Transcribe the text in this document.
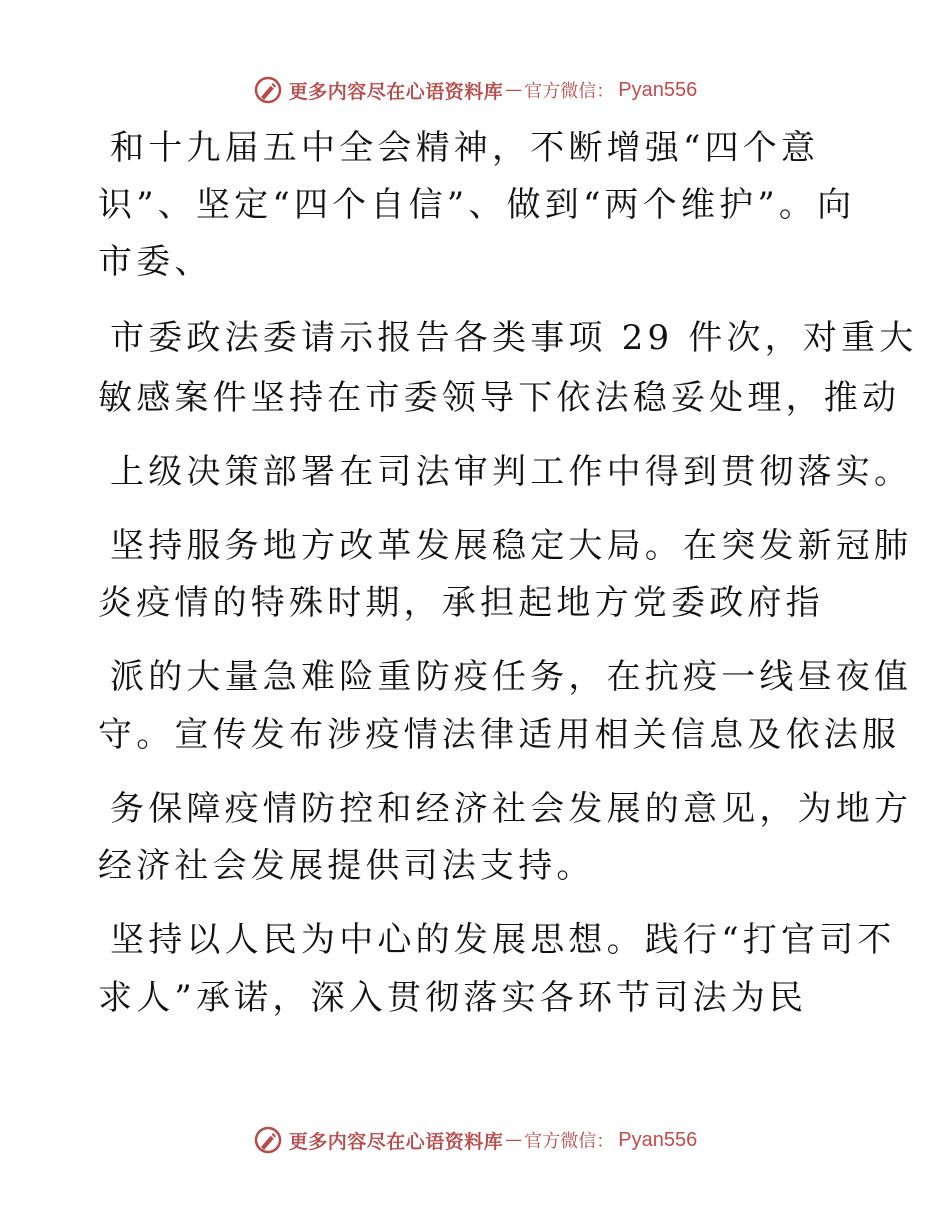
更多内容尽在心语资料库 — 官方微信： Pyan556
和十九届五中全会精神，不断增强“四个意
识”、坚定“四个自信”、做到“两个维护”。向
市委、
市委政法委请示报告各类事项 29 件次，对重大
敏感案件坚持在市委领导下依法稳妥处理，推动
上级决策部署在司法审判工作中得到贯彻落实。
坚持服务地方改革发展稳定大局。在突发新冠肺
炎疫情的特殊时期，承担起地方党委政府指
派的大量急难险重防疫任务，在抗疫一线昼夜值
守。宣传发布涉疫情法律适用相关信息及依法服
务保障疫情防控和经济社会发展的意见，为地方
经济社会发展提供司法支持。
坚持以人民为中心的发展思想。践行“打官司不
求人”承诺，深入贯彻落实各环节司法为民
更多内容尽在心语资料库 — 官方微信： Pyan556
